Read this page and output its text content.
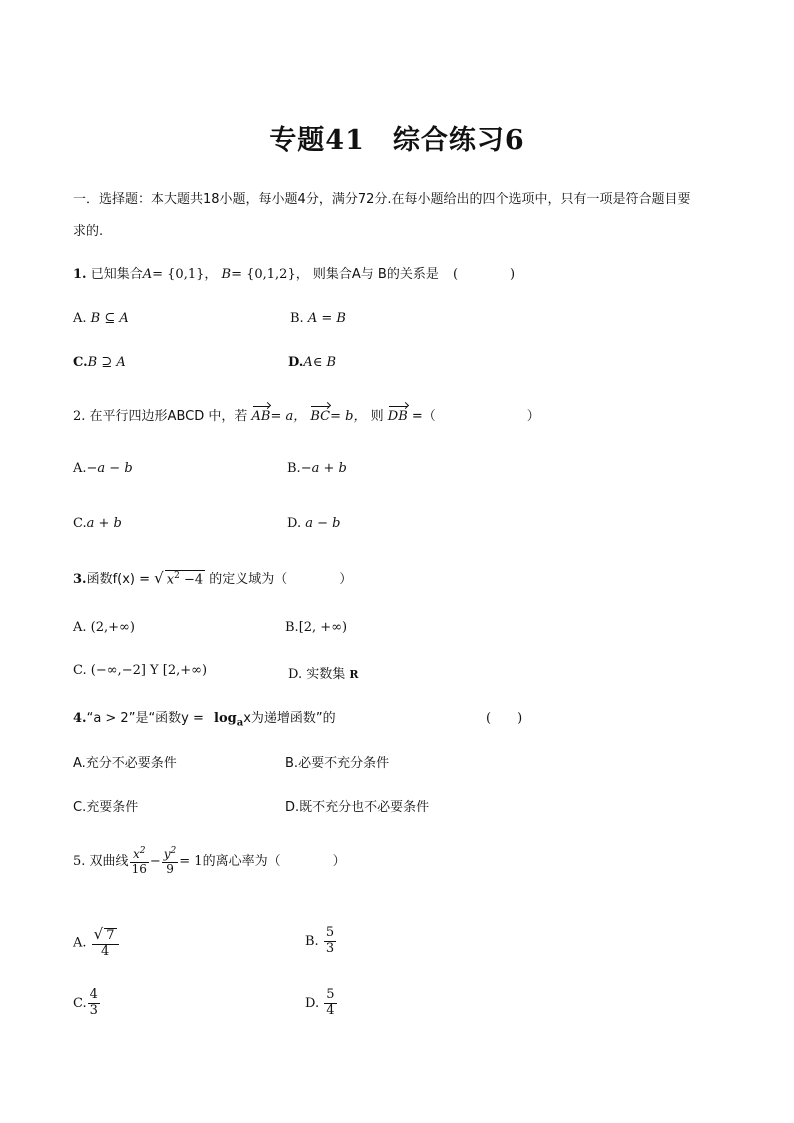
专题41　综合练习6
一．选择题：本大题共18小题，每小题4分，满分72分.在每小题给出的四个选项中，只有一项是符合题目要
求的.
1. 已知集合A= {0,1}， B= {0,1,2}， 则集合A与 B的关系是 (　　　　)
A. B ⊆ A	B. A = B
C.B ⊇ A	D.A∈ B
2. 在平行四边形ABCD 中，若 AB= a， BC= b， 则 DB =（　　　　　　　）
A.−a − b	B.−a + b
C.a + b	D. a − b
3.函数f(x) = √ $x^2 -4$ 的定义域为（　　　　）
A. (2,+∞)	B.[2, +∞)
C. (−∞,−2] Y [2,+∞)	D. 实数集 R
4.“a > 2”是“函数$y = \log_ax$为递增函数”的	(　　)
A.充分不必要条件	B.必要不充分条件
C.充要条件	D.既不充分也不必要条件
5. 双曲线 $\frac{x^2}{16} - \frac{y^2}{9} = 1$的离心率为（　　　　）
A. $\frac{√ 7}{4}$	B. $\frac{5}{3}$
C. $\frac{4}{3}$	D. $\frac{5}{4}$
